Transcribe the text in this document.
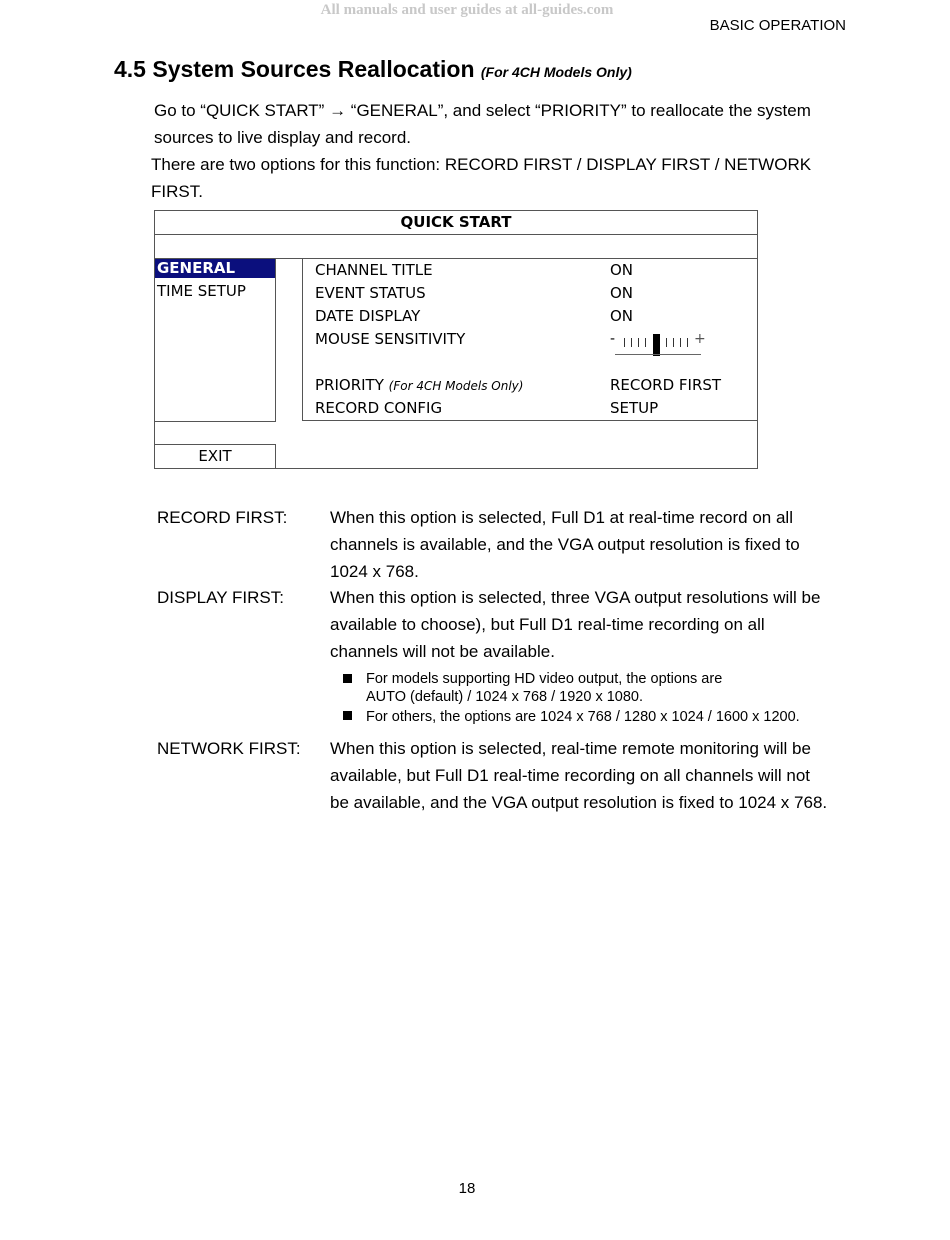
All manuals and user guides at all-guides.com
BASIC OPERATION
4.5 System Sources Reallocation (For 4CH Models Only)
Go to “QUICK START” → “GENERAL”, and select “PRIORITY” to reallocate the system
sources to live display and record.
There are two options for this function: RECORD FIRST / DISPLAY FIRST / NETWORK
FIRST.
QUICK START
GENERAL
TIME SETUP
CHANNEL TITLE	ON
EVENT STATUS	ON
DATE DISPLAY	ON
MOUSE SENSITIVITY	-	+
PRIORITY (For 4CH Models Only)	RECORD FIRST
RECORD CONFIG	SETUP
EXIT
RECORD FIRST:	When this option is selected, Full D1 at real-time record on all
channels is available, and the VGA output resolution is fixed to
1024 x 768.
DISPLAY FIRST:	When this option is selected, three VGA output resolutions will be
available to choose), but Full D1 real-time recording on all
channels will not be available.
For models supporting HD video output, the options are
AUTO (default) / 1024 x 768 / 1920 x 1080.
For others, the options are 1024 x 768 / 1280 x 1024 / 1600 x 1200.
NETWORK FIRST: When this option is selected, real-time remote monitoring will be
available, but Full D1 real-time recording on all channels will not
be available, and the VGA output resolution is fixed to 1024 x 768.
18
